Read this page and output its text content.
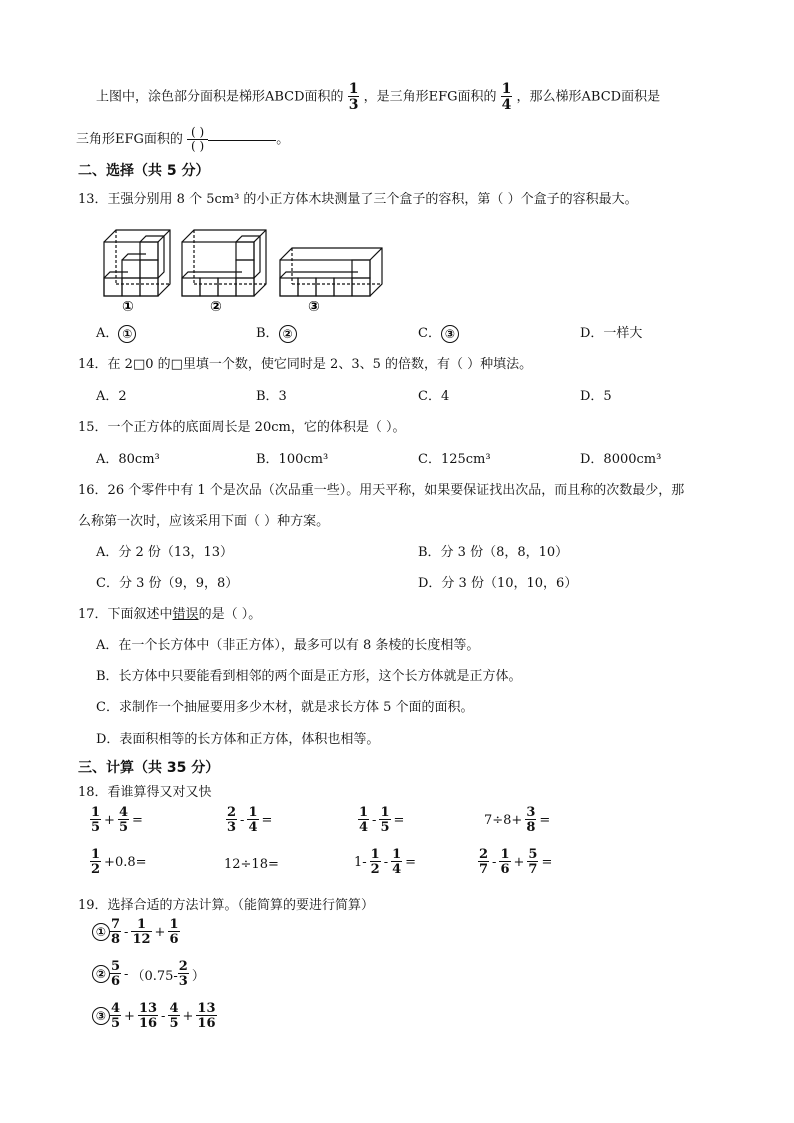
上图中，涂色部分面积是梯形ABCD面积的 $\frac{1}{3}$ ，是三角形EFG面积的 $\frac{1}{4}$ ，那么梯形ABCD面积是
三角形EFG面积的 $\frac{( )}{( )}$	。
二、选择（共 5 分）
13．王强分别用 8 个 5cm³ 的小正方体木块测量了三个盒子的容积，第（ ）个盒子的容积最大。
①	②	③
A． ①	B． ②	C． ③	D．一样大
14．在 2□0 的□里填一个数，使它同时是 2、3、5 的倍数，有（ ）种填法。
A．2	B．3	C．4	D．5
15．一个正方体的底面周长是 20cm，它的体积是（ ）。
A．80cm³	B．100cm³	C．125cm³	D．8000cm³
16．26 个零件中有 1 个是次品（次品重一些）。用天平称，如果要保证找出次品，而且称的次数最少，那
么称第一次时，应该采用下面（ ）种方案。
A．分 2 份（13，13）	B．分 3 份（8，8，10）
C．分 3 份（9，9，8）	D．分 3 份（10，10，6）
17．下面叙述中错误的是（ ）。
A．在一个长方体中（非正方体），最多可以有 8 条棱的长度相等。
B．长方体中只要能看到相邻的两个面是正方形，这个长方体就是正方体。
C．求制作一个抽屉要用多少木材，就是求长方体 5 个面的面积。
D．表面积相等的长方体和正方体，体积也相等。
三、计算（共 35 分）
18．看谁算得又对又快
$\frac{1}{5} + \frac{4}{5}$ =	$\frac{2}{3} - \frac{1}{4}$ =	$\frac{1}{4} - \frac{1}{5}$ =	$7\div 8+ \frac{3}{8}$ =
$\frac{1}{2} +0.8=$	12÷18=	$1- \frac{1}{2} - \frac{1}{4}$ =	$\frac{2}{7} - \frac{1}{6} + \frac{5}{7}$ =
19．选择合适的方法计算。（能简算的要进行简算）
① $\frac{7}{8} - \frac{1}{12} + \frac{1}{6}$
② $\frac{5}{6} - (0.75- \frac{2}{3}$ ）
③ $\frac{4}{5} + \frac{13}{16} - \frac{4}{5} + \frac{13}{16}$
